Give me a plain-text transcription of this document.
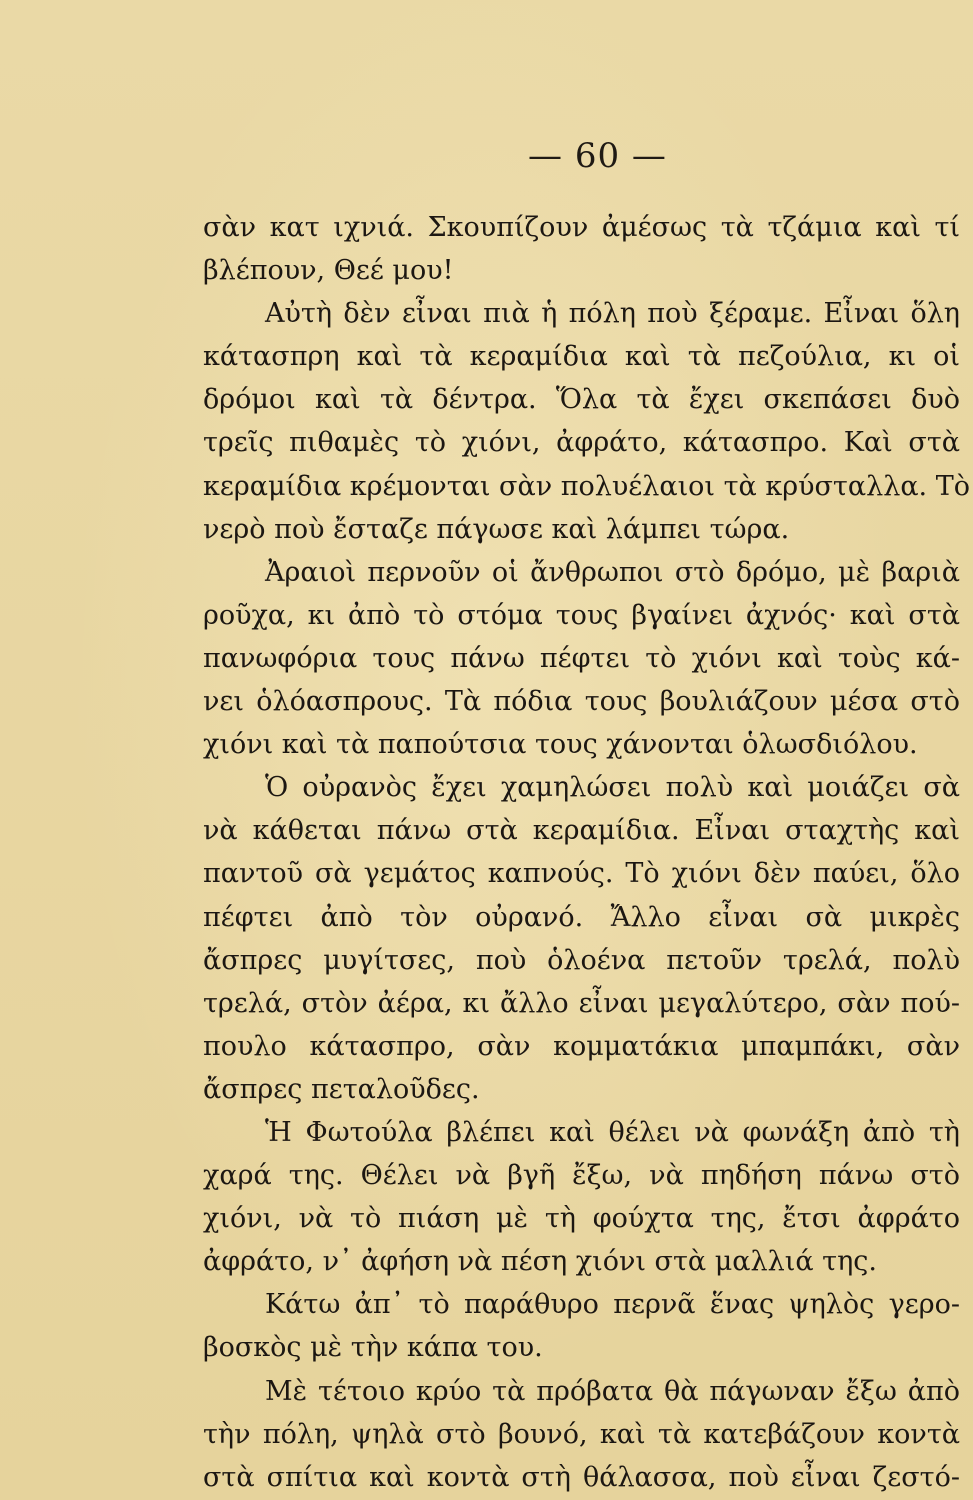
— 60 —
σὰν κατ ιχνιά. Σκουπίζουν ἀμέσως τὰ τζάμια καὶ τί
βλέπουν, Θεέ μου!
Αὐτὴ δὲν εἶναι πιὰ ἡ πόλη ποὺ ξέραμε. Εἶναι ὅλη
κάτασπρη καὶ τὰ κεραμίδια καὶ τὰ πεζούλια, κι οἱ
δρόμοι καὶ τὰ δέντρα. Ὅλα τὰ ἔχει σκεπάσει δυὸ
τρεῖς πιθαμὲς τὸ χιόνι, ἀφράτο, κάτασπρο. Καὶ στὰ
κεραμίδια κρέμονται σὰν πολυέλαιοι τὰ κρύσταλλα. Τὸ
νερὸ ποὺ ἔσταζε πάγωσε καὶ λάμπει τώρα.
Ἀραιοὶ περνοῦν οἱ ἄνθρωποι στὸ δρόμο, μὲ βαριὰ
ροῦχα, κι ἀπὸ τὸ στόμα τους βγαίνει ἀχνός· καὶ στὰ
πανωφόρια τους πάνω πέφτει τὸ χιόνι καὶ τοὺς κά-
νει ὁλόασπρους. Τὰ πόδια τους βουλιάζουν μέσα στὸ
χιόνι καὶ τὰ παπούτσια τους χάνονται ὁλωσδιόλου.
Ὁ οὐρανὸς ἔχει χαμηλώσει πολὺ καὶ μοιάζει σὰ
νὰ κάθεται πάνω στὰ κεραμίδια. Εἶναι σταχτὴς καὶ
παντοῦ σὰ γεμάτος καπνούς. Τὸ χιόνι δὲν παύει, ὅλο
πέφτει ἀπὸ τὸν οὐρανό. Ἄλλο εἶναι σὰ μικρὲς
ἄσπρες μυγίτσες, ποὺ ὁλοένα πετοῦν τρελά, πολὺ
τρελά, στὸν ἀέρα, κι ἄλλο εἶναι μεγαλύτερο, σὰν πού-
πουλο κάτασπρο, σὰν κομματάκια μπαμπάκι, σὰν
ἄσπρες πεταλοῦδες.
Ἡ Φωτούλα βλέπει καὶ θέλει νὰ φωνάξη ἀπὸ τὴ
χαρά της. Θέλει νὰ βγῆ ἔξω, νὰ πηδήση πάνω στὸ
χιόνι, νὰ τὸ πιάση μὲ τὴ φούχτα της, ἔτσι ἀφράτο
ἀφράτο, ν᾽ ἀφήση νὰ πέση χιόνι στὰ μαλλιά της.
Κάτω ἀπ᾽ τὸ παράθυρο περνᾶ ἕνας ψηλὸς γερο-
βοσκὸς μὲ τὴν κάπα του.
Μὲ τέτοιο κρύο τὰ πρόβατα θὰ πάγωναν ἔξω ἀπὸ
τὴν πόλη, ψηλὰ στὸ βουνό, καὶ τὰ κατεβάζουν κοντὰ
στὰ σπίτια καὶ κοντὰ στὴ θάλασσα, ποὺ εἶναι ζεστό-
